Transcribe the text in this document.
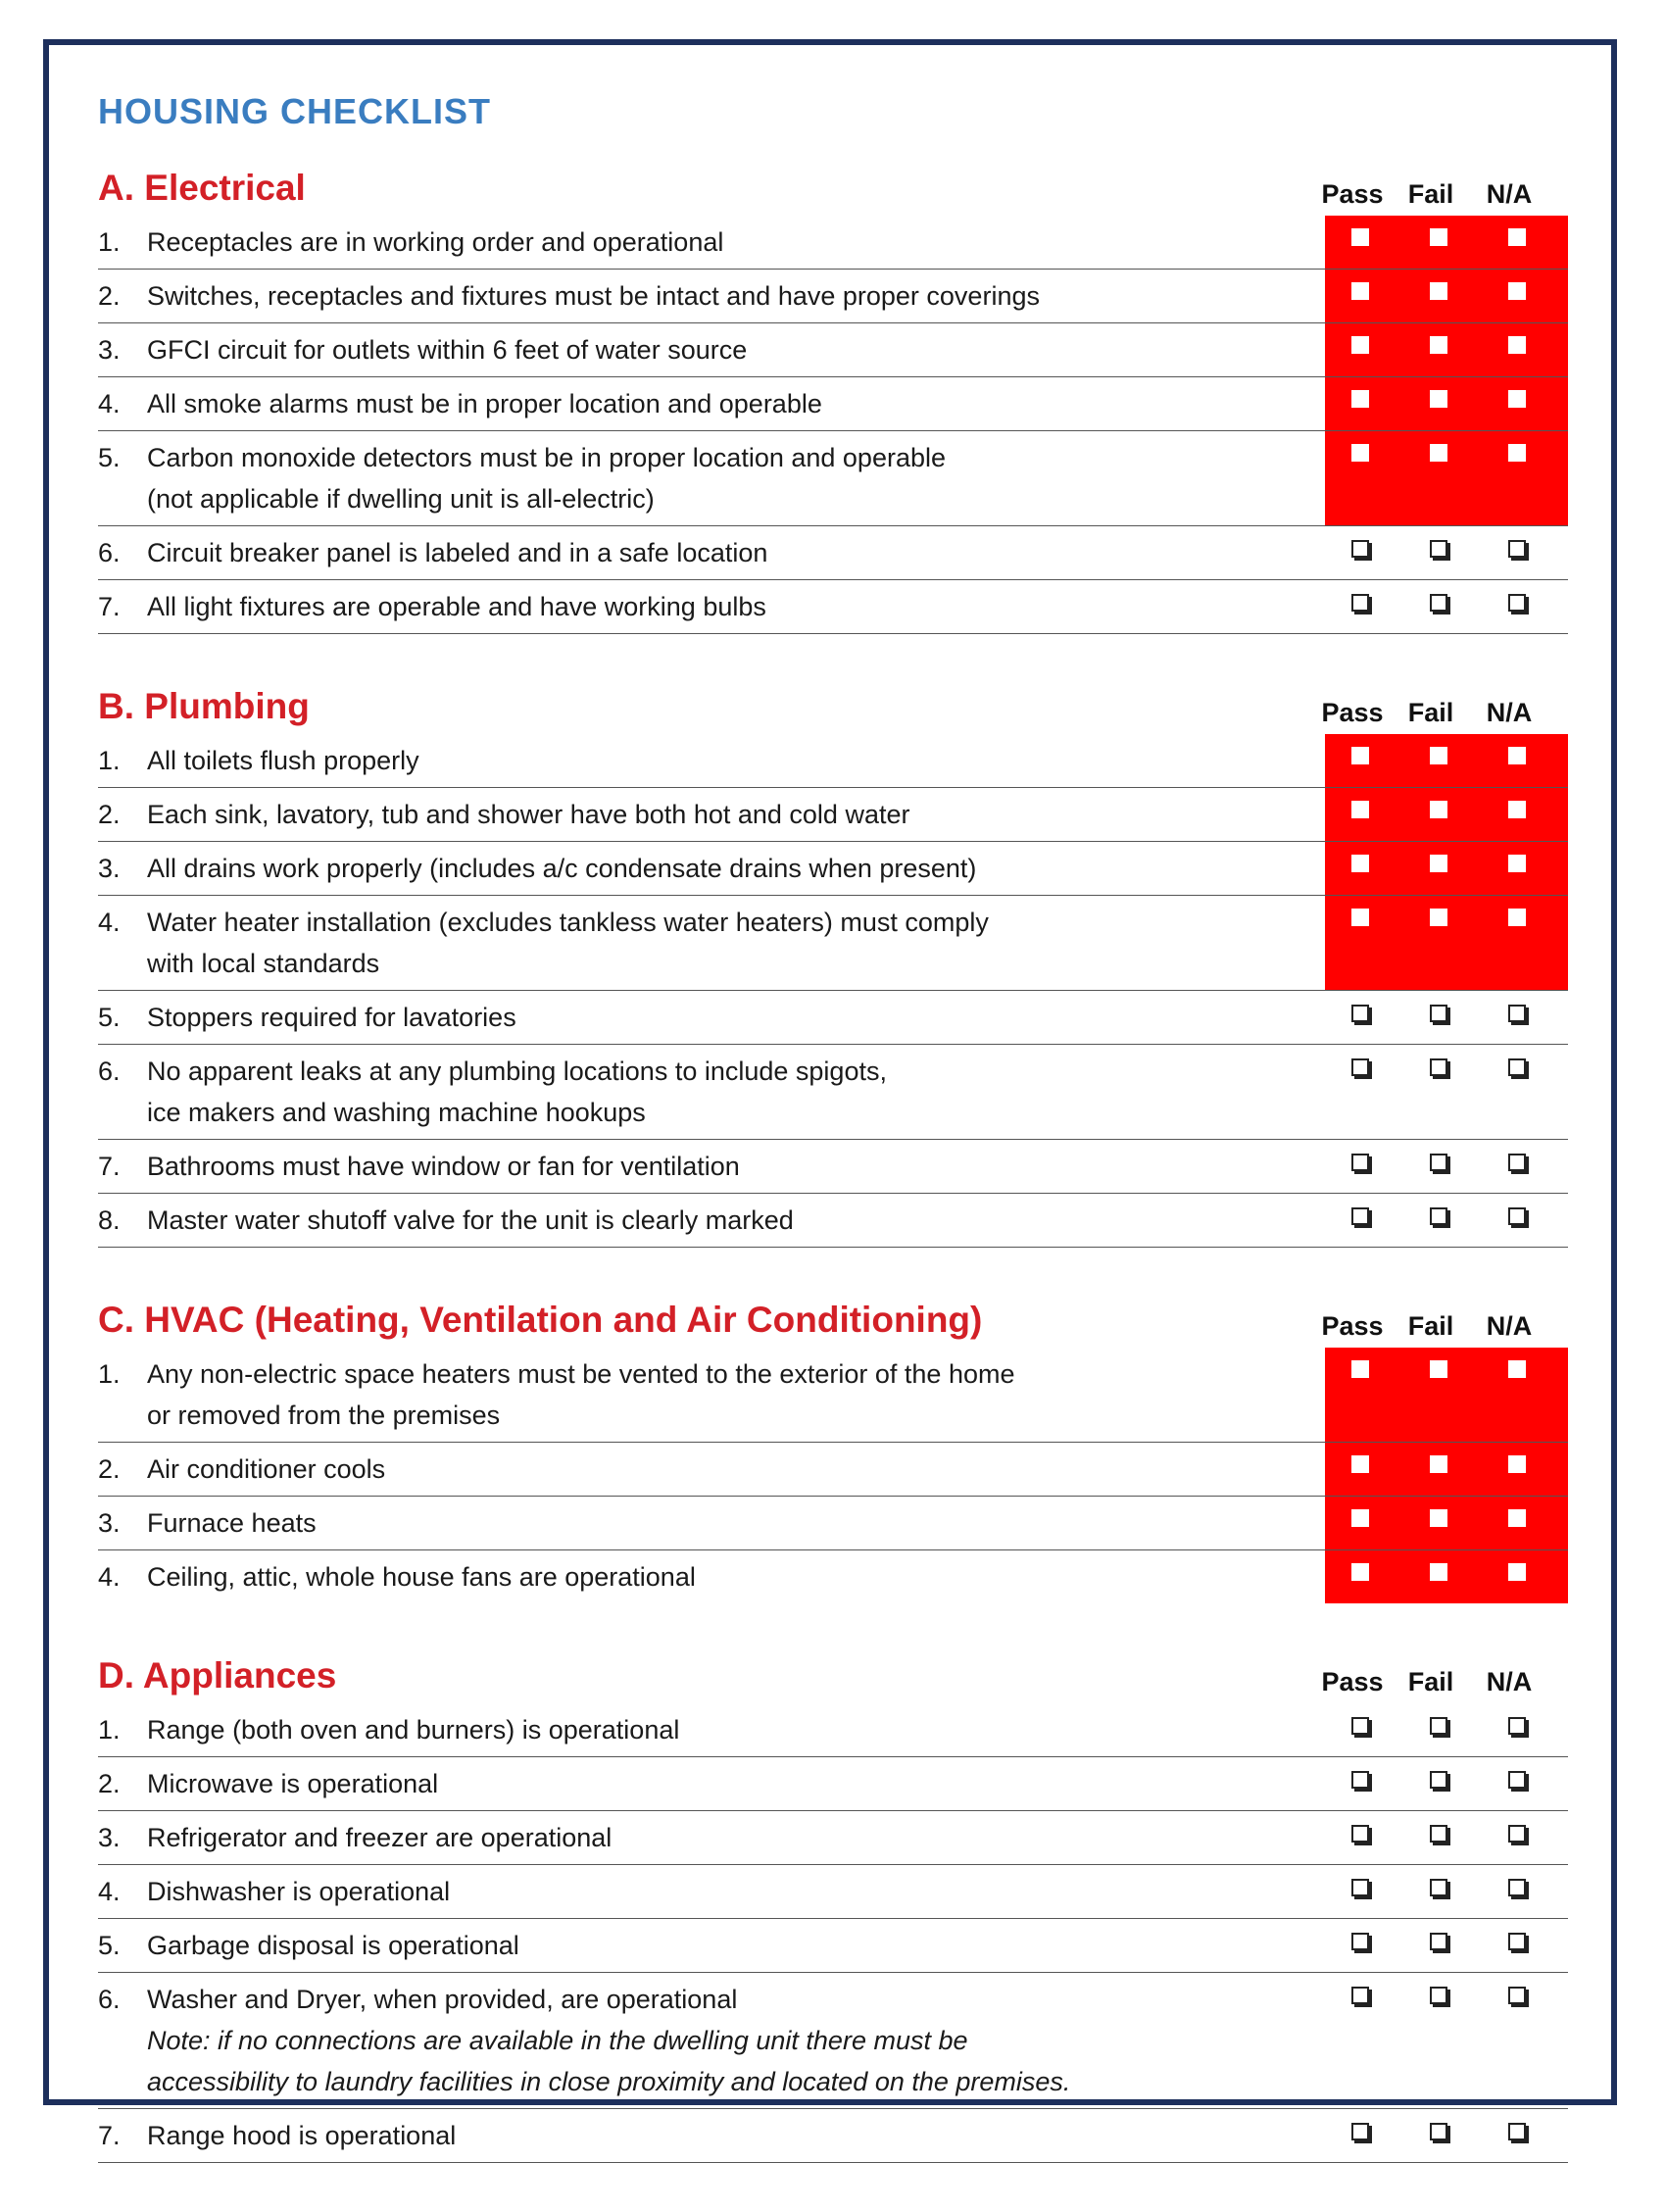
HOUSING CHECKLIST
A. Electrical	Pass Fail	N/A
1. Receptacles are in working order and operational
2. Switches, receptacles and fixtures must be intact and have proper coverings
3. GFCI circuit for outlets within 6 feet of water source
4. All smoke alarms must be in proper location and operable
5. Carbon monoxide detectors must be in proper location and operable
(not applicable if dwelling unit is all-electric)
6. Circuit breaker panel is labeled and in a safe location
7. All light fixtures are operable and have working bulbs
B. Plumbing	Pass Fail	N/A
1. All toilets flush properly
2. Each sink, lavatory, tub and shower have both hot and cold water
3. All drains work properly (includes a/c condensate drains when present)
4. Water heater installation (excludes tankless water heaters) must comply
with local standards
5. Stoppers required for lavatories
6. No apparent leaks at any plumbing locations to include spigots,
ice makers and washing machine hookups
7. Bathrooms must have window or fan for ventilation
8. Master water shutoff valve for the unit is clearly marked
C. HVAC (Heating, Ventilation and Air Conditioning)	Pass Fail	N/A
1. Any non-electric space heaters must be vented to the exterior of the home
or removed from the premises
2. Air conditioner cools
3. Furnace heats
4. Ceiling, attic, whole house fans are operational
D. Appliances	Pass Fail	N/A
1. Range (both oven and burners) is operational
2. Microwave is operational
3. Refrigerator and freezer are operational
4. Dishwasher is operational
5. Garbage disposal is operational
6. Washer and Dryer, when provided, are operational
Note: if no connections are available in the dwelling unit there must be
accessibility to laundry facilities in close proximity and located on the premises.
7. Range hood is operational
